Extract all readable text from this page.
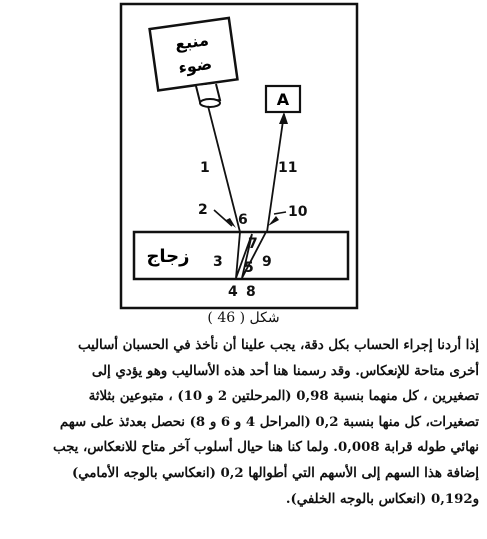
منبع
ضوء
A
زجاج
1
2
3
4
5
6
7
8
9
10
11
شكل ( 46 )
إذا أردنا إجراء الحساب بكل دقة، يجب علينا أن نأخذ في الحسبان أساليب
أخرى متاحة للإنعكاس. وقد رسمنا هنا أحد هذه الأساليب وهو يؤدي إلى
تصغيرين ، كل منهما بنسبة 0,98 (المرحلتين 2 و 10) ، متبوعين بثلاثة
تصغيرات، كل منها بنسبة 0,2 (المراحل 4 و 6 و 8) نحصل بعدئذ على سهم
نهائي طوله قرابة 0,008. ولما كنا هنا حيال أسلوب آخر متاح للانعكاس، يجب
إضافة هذا السهم إلى الأسهم التي أطوالها 0,2 (انعكاسي بالوجه الأمامي)
و0,192 (انعكاس بالوجه الخلفي).
